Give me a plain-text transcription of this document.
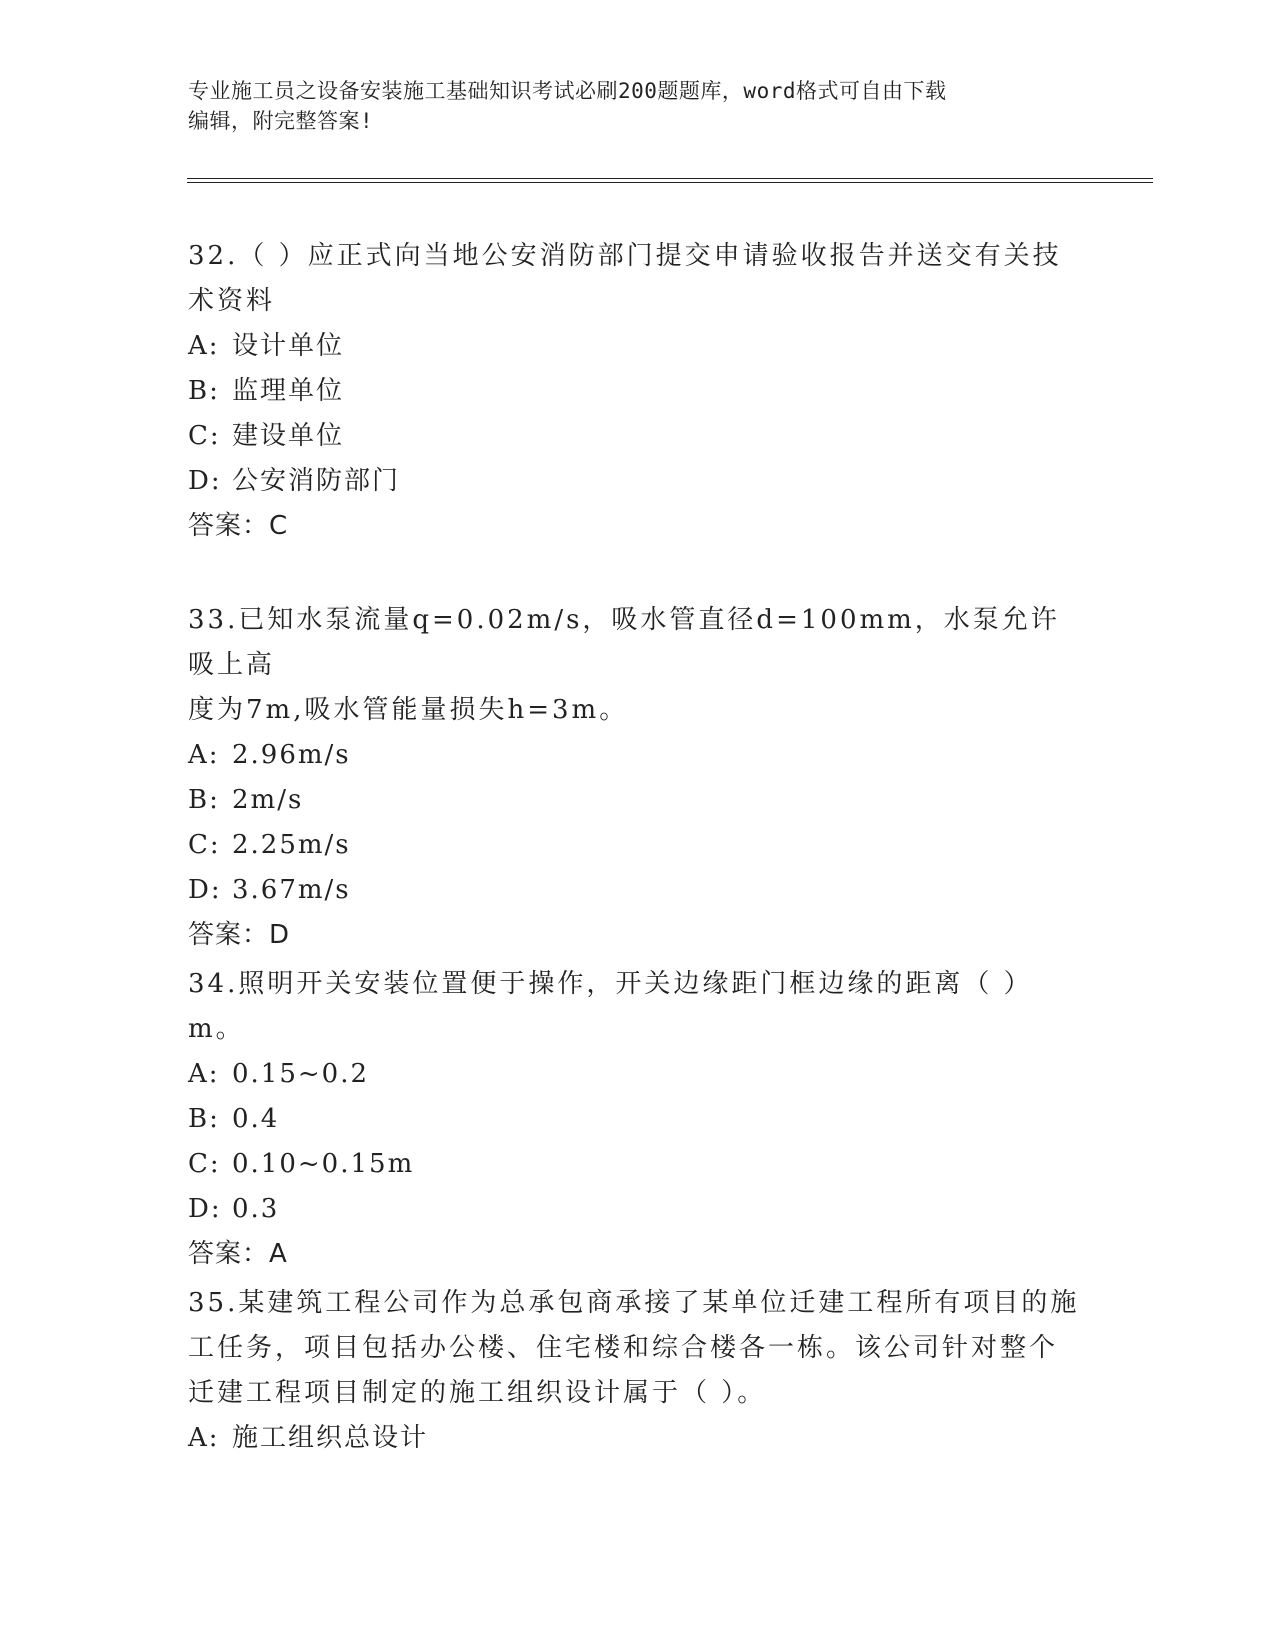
专业施工员之设备安装施工基础知识考试必刷200题题库，word格式可自由下载
编辑，附完整答案!
32.（ ）应正式向当地公安消防部门提交申请验收报告并送交有关技
术资料
A: 设计单位
B: 监理单位
C: 建设单位
D: 公安消防部门
答案：C
33.已知水泵流量q=0.02m/s，吸水管直径d=100mm，水泵允许吸上高
度为7m,吸水管能量损失h=3m。
A: 2.96m/s
B: 2m/s
C: 2.25m/s
D: 3.67m/s
答案：D
34.照明开关安装位置便于操作，开关边缘距门框边缘的距离（ ）m。
A: 0.15~0.2
B: 0.4
C: 0.10~0.15m
D: 0.3
答案：A
35.某建筑工程公司作为总承包商承接了某单位迁建工程所有项目的施
工任务，项目包括办公楼、住宅楼和综合楼各一栋。该公司针对整个
迁建工程项目制定的施工组织设计属于（ ）。
A: 施工组织总设计
